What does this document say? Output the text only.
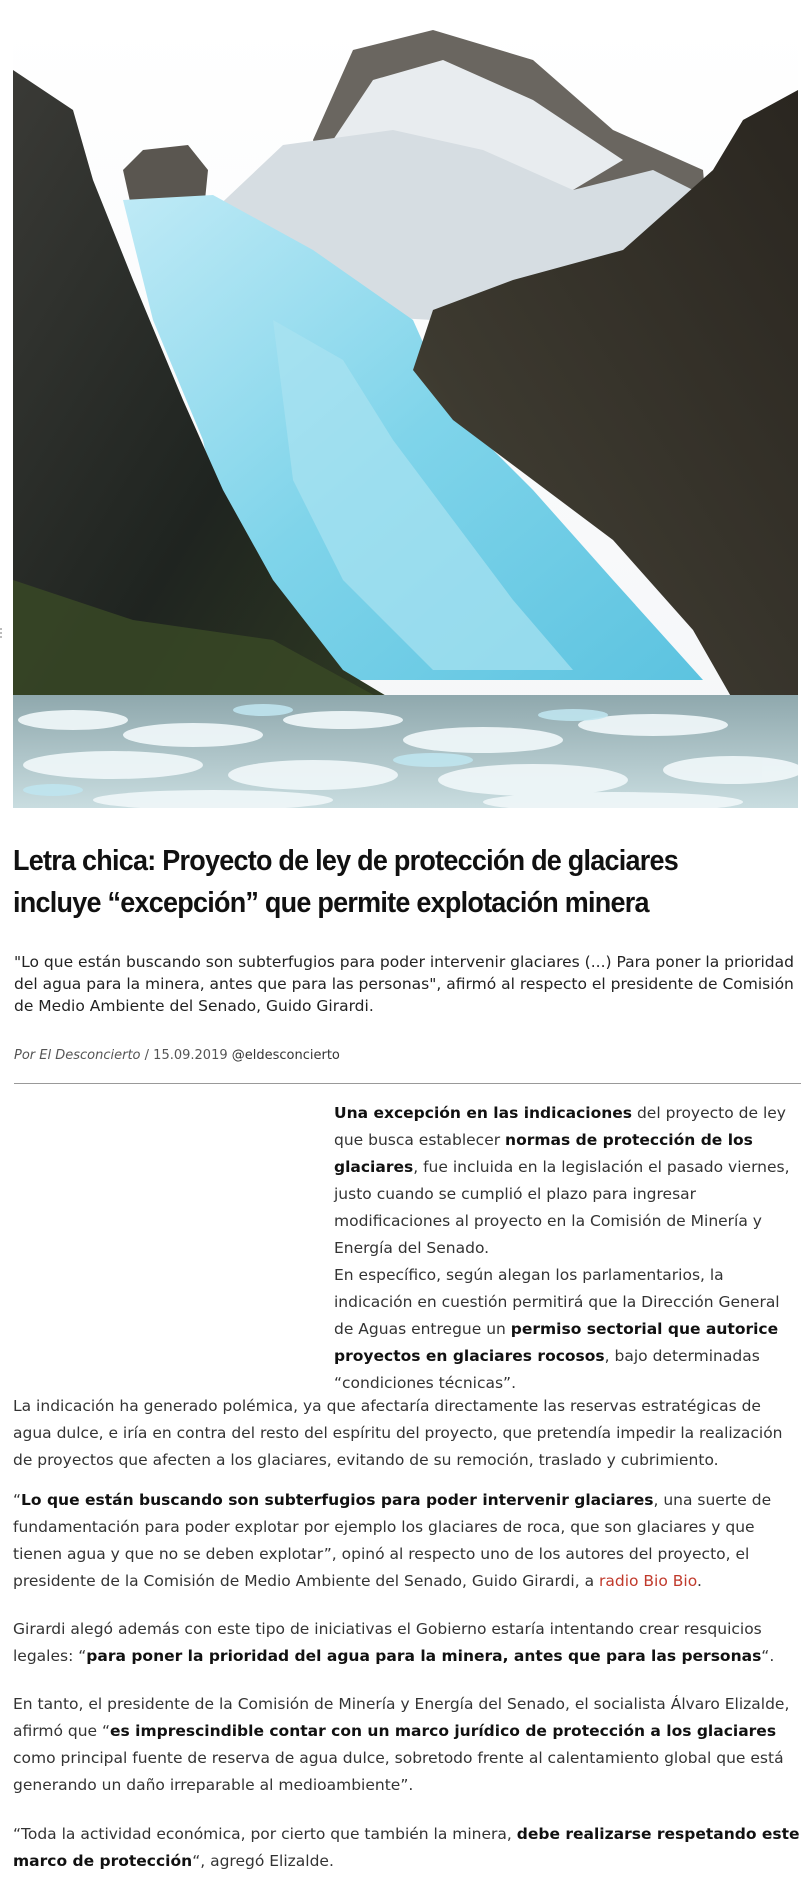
Letra chica: Proyecto de ley de protección de glaciares incluye “excepción” que permite explotación minera

"Lo que están buscando son subterfugios para poder intervenir glaciares (...) Para poner la prioridad del agua para la minera, antes que para las personas", afirmó al respecto el presidente de Comisión de Medio Ambiente del Senado, Guido Girardi.

Por El Desconcierto / 15.09.2019 @eldesconcierto

Una excepción en las indicaciones del proyecto de ley que busca establecer normas de protección de los glaciares, fue incluida en la legislación el pasado viernes, justo cuando se cumplió el plazo para ingresar modificaciones al proyecto en la Comisión de Minería y Energía del Senado.

En específico, según alegan los parlamentarios, la indicación en cuestión permitirá que la Dirección General de Aguas entregue un permiso sectorial que autorice proyectos en glaciares rocosos, bajo determinadas “condiciones técnicas”.

La indicación ha generado polémica, ya que afectaría directamente las reservas estratégicas de agua dulce, e iría en contra del resto del espíritu del proyecto, que pretendía impedir la realización de proyectos que afecten a los glaciares, evitando de su remoción, traslado y cubrimiento.

“Lo que están buscando son subterfugios para poder intervenir glaciares, una suerte de fundamentación para poder explotar por ejemplo los glaciares de roca, que son glaciares y que tienen agua y que no se deben explotar”, opinó al respecto uno de los autores del proyecto, el presidente de la Comisión de Medio Ambiente del Senado, Guido Girardi, a radio Bio Bio.

Girardi alegó además con este tipo de iniciativas el Gobierno estaría intentando crear resquicios legales: “para poner la prioridad del agua para la minera, antes que para las personas“.

En tanto, el presidente de la Comisión de Minería y Energía del Senado, el socialista Álvaro Elizalde, afirmó que “es imprescindible contar con un marco jurídico de protección a los glaciares como principal fuente de reserva de agua dulce, sobretodo frente al calentamiento global que está generando un daño irreparable al medioambiente”.

“Toda la actividad económica, por cierto que también la minera, debe realizarse respetando este marco de protección“, agregó Elizalde.
